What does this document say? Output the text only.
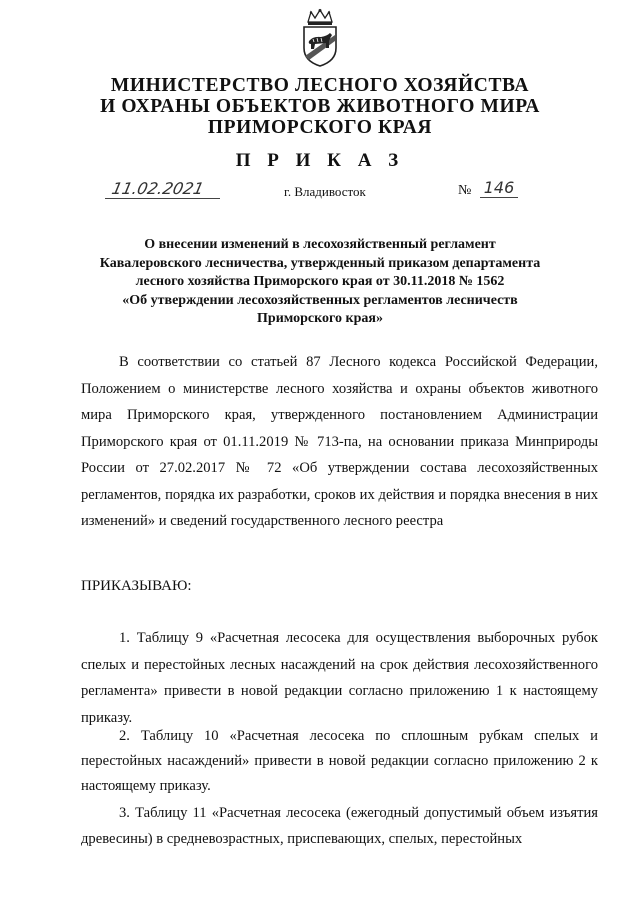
МИНИСТЕРСТВО ЛЕСНОГО ХОЗЯЙСТВА
И ОХРАНЫ ОБЪЕКТОВ ЖИВОТНОГО МИРА
ПРИМОРСКОГО КРАЯ
П Р И К А З
11.02.2021	г. Владивосток	№ 146
О внесении изменений в лесохозяйственный регламент
Кавалеровского лесничества, утвержденный приказом департамента
лесного хозяйства Приморского края от 30.11.2018 № 1562
«Об утверждении лесохозяйственных регламентов лесничеств
Приморского края»
В соответствии со статьей 87 Лесного кодекса Российской Федерации, Положением о министерстве лесного хозяйства и охраны объектов животного мира Приморского края, утвержденного постановлением Администрации Приморского края от 01.11.2019 № 713-па, на основании приказа Минприроды России от 27.02.2017 № 72 «Об утверждении состава лесохозяйственных регламентов, порядка их разработки, сроков их действия и порядка внесения в них изменений» и сведений государственного лесного реестра
ПРИКАЗЫВАЮ:
1. Таблицу 9 «Расчетная лесосека для осуществления выборочных рубок спелых и перестойных лесных насаждений на срок действия лесохозяйственного регламента» привести в новой редакции согласно приложению 1 к настоящему приказу.
2. Таблицу 10 «Расчетная лесосека по сплошным рубкам спелых и перестойных насаждений» привести в новой редакции согласно приложению 2 к настоящему приказу.
3. Таблицу 11 «Расчетная лесосека (ежегодный допустимый объем изъятия древесины) в средневозрастных, приспевающих, спелых, перестойных
